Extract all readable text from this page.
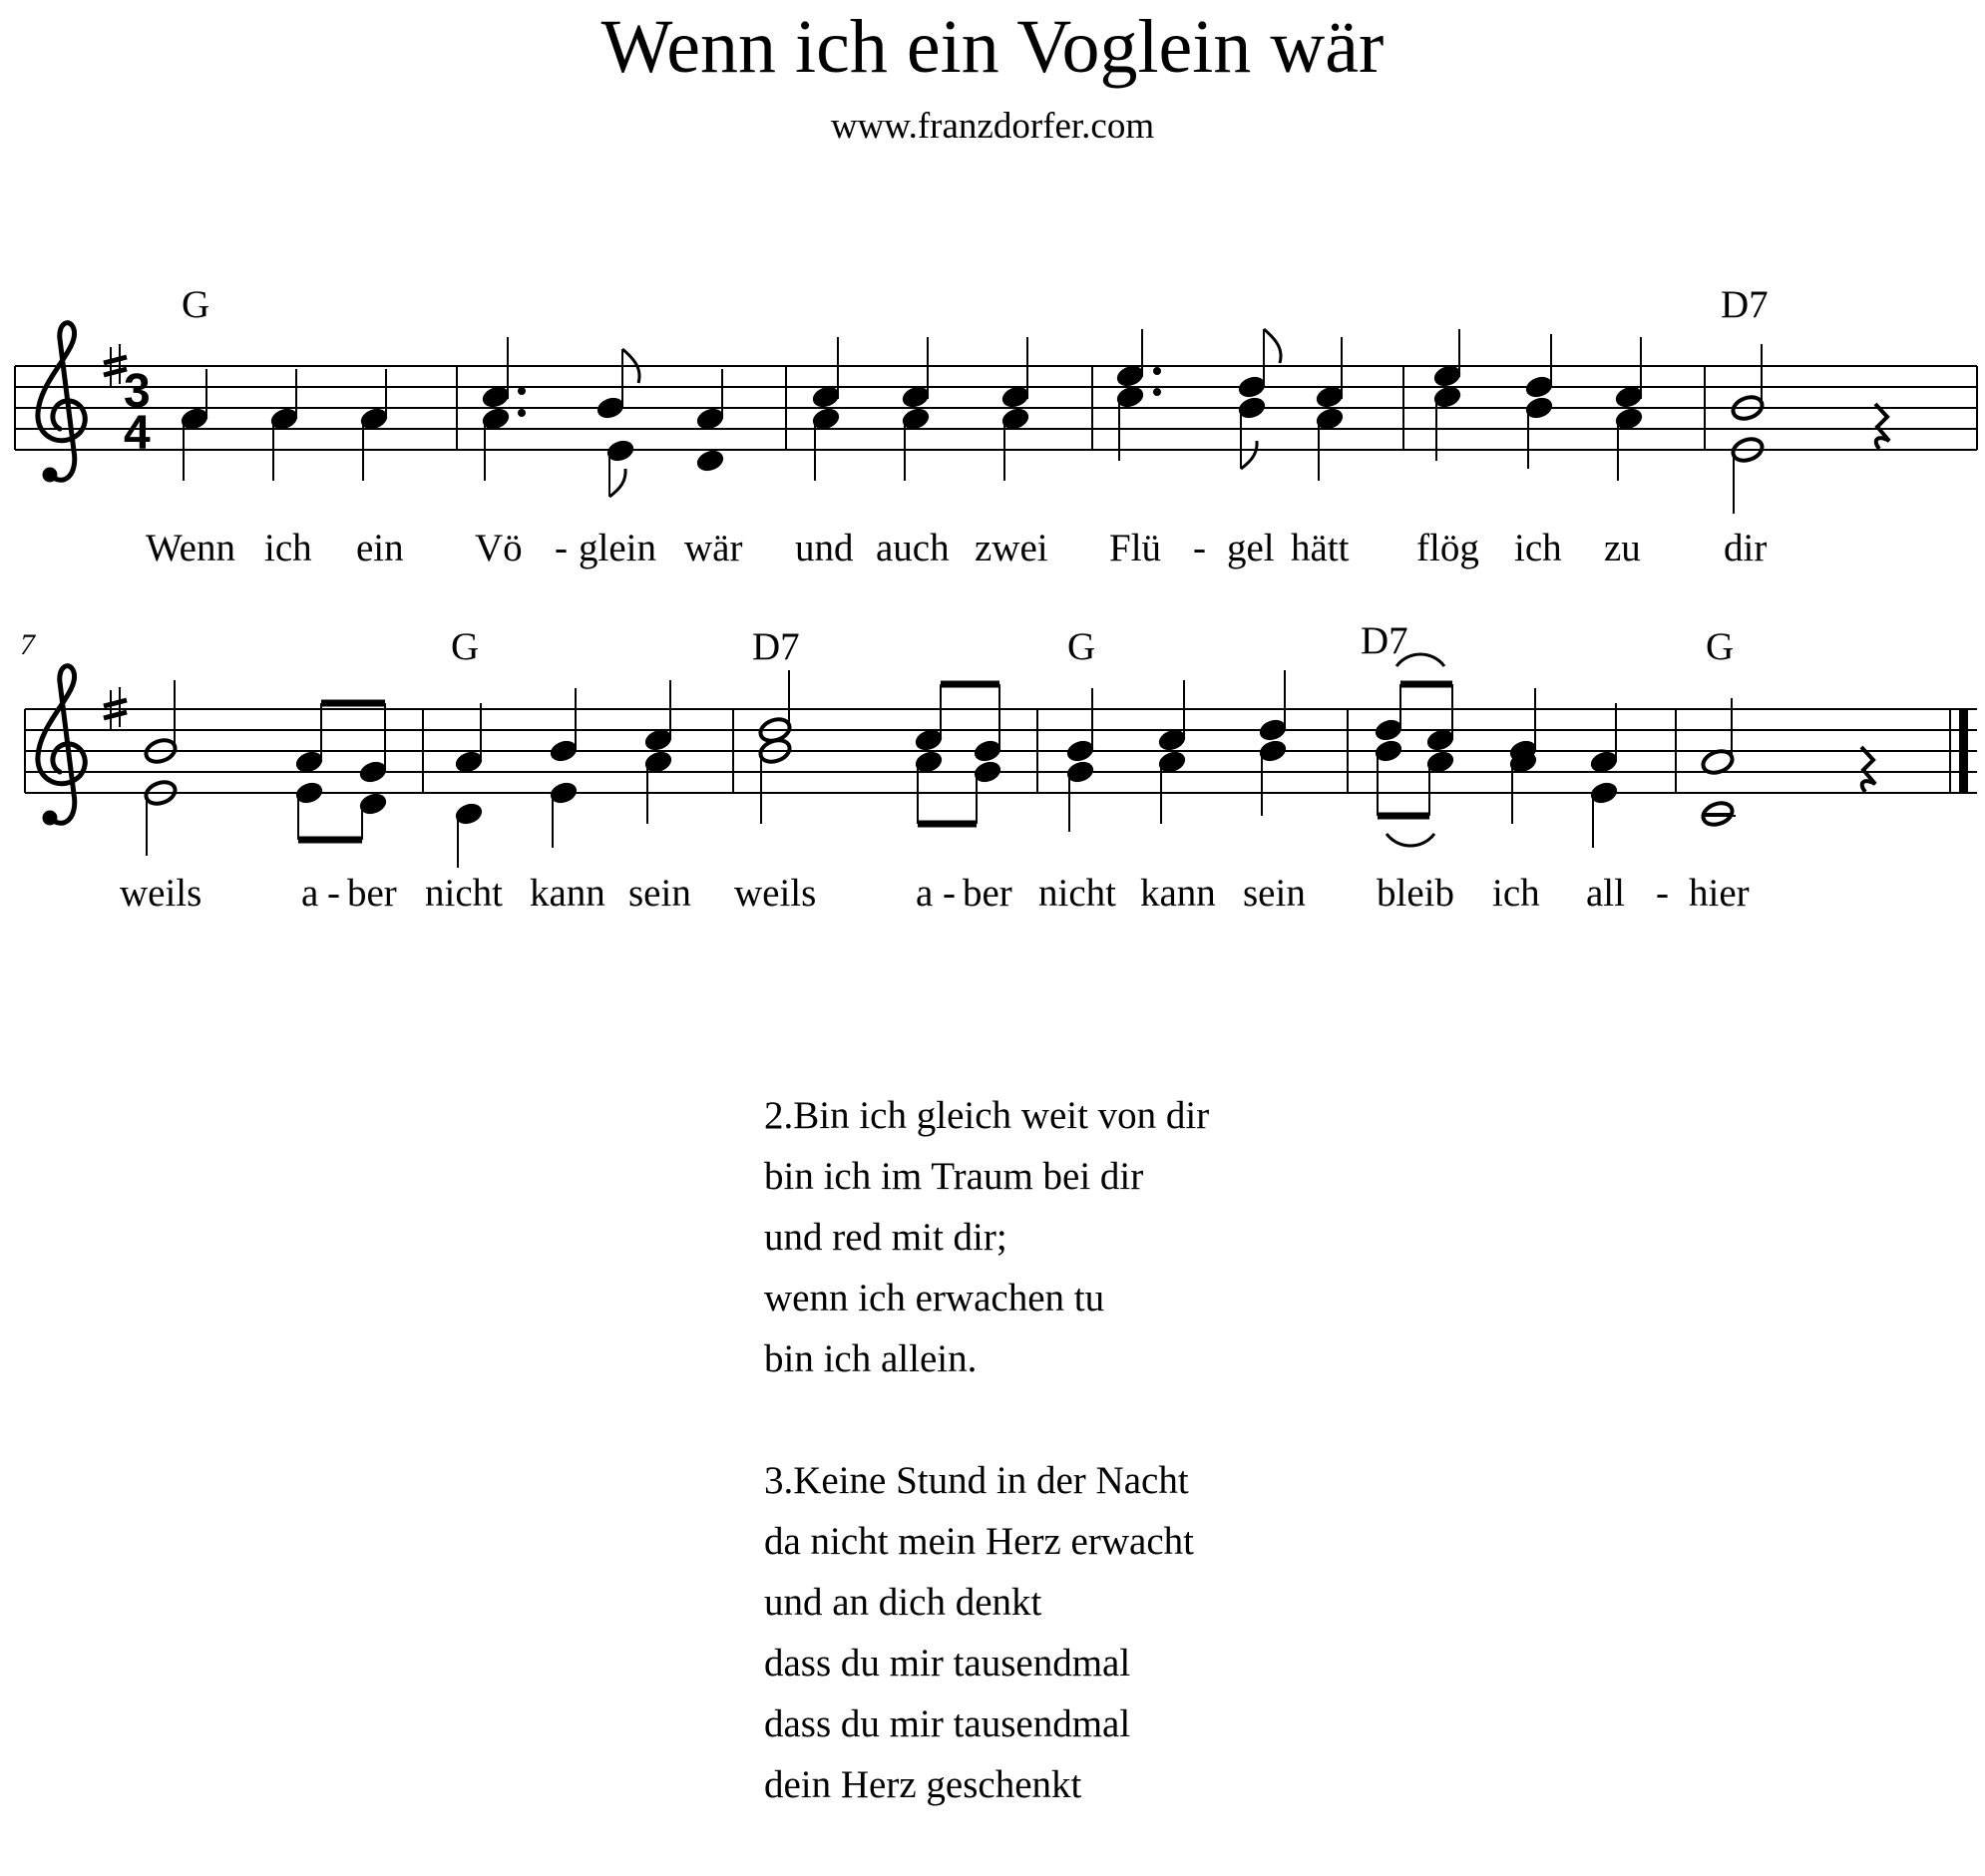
Wenn ich ein Voglein wär
www.franzdorfer.com
3
4
G	D7
Wenn ich ein Vö - glein wär und auch zwei Flü - gel hätt flög ich zu dir
7	G	D7	G	D7	G
weils	a - ber nicht kann sein weils	a - ber nicht kann sein bleib ich all - hier
2.Bin ich gleich weit von dir
bin ich im Traum bei dir
und red mit dir;
wenn ich erwachen tu
bin ich allein.
3.Keine Stund in der Nacht
da nicht mein Herz erwacht
und an dich denkt
dass du mir tausendmal
dass du mir tausendmal
dein Herz geschenkt
